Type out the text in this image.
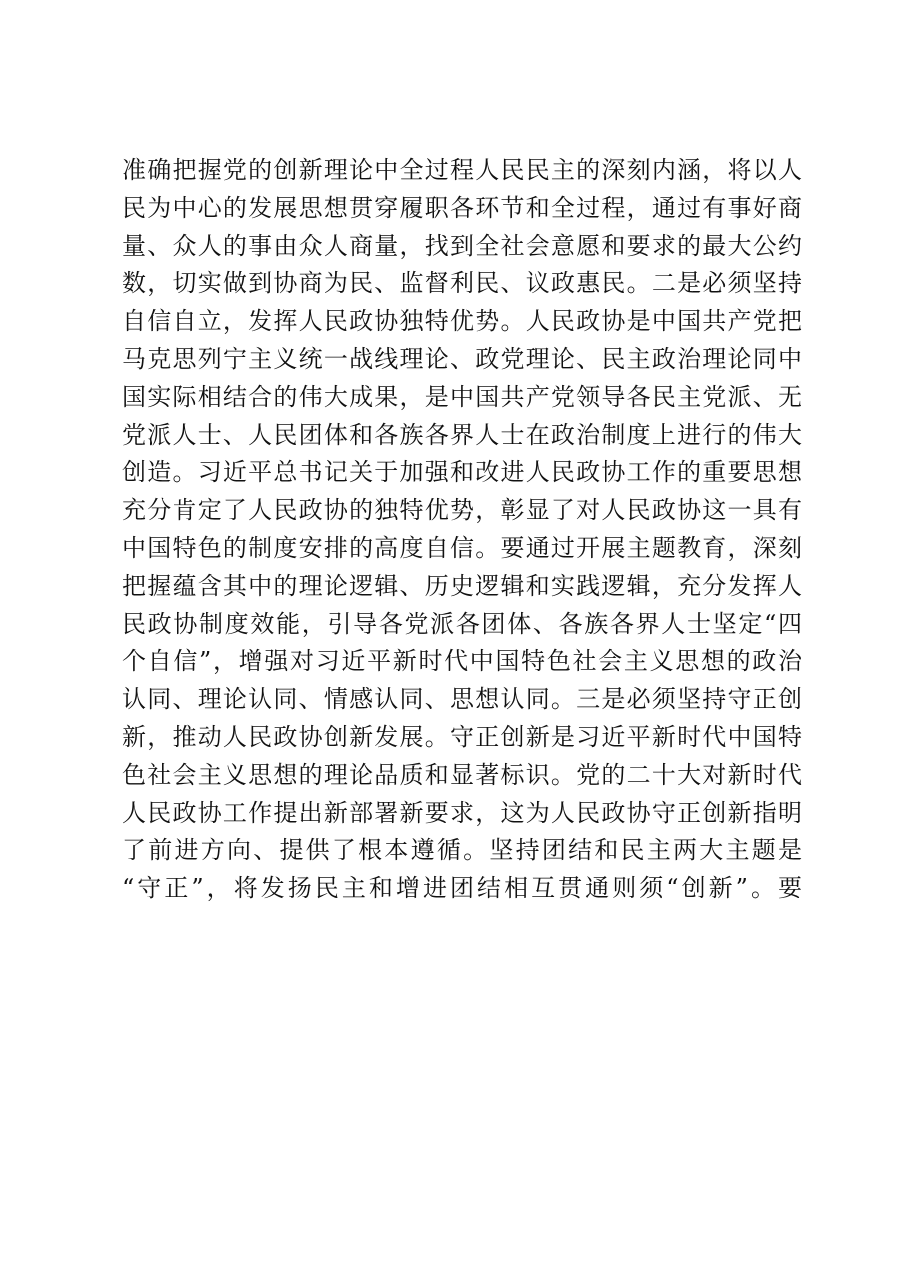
准确把握党的创新理论中全过程人民民主的深刻内涵，将以人
民为中心的发展思想贯穿履职各环节和全过程，通过有事好商
量、众人的事由众人商量，找到全社会意愿和要求的最大公约
数，切实做到协商为民、监督利民、议政惠民。二是必须坚持
自信自立，发挥人民政协独特优势。人民政协是中国共产党把
马克思列宁主义统一战线理论、政党理论、民主政治理论同中
国实际相结合的伟大成果，是中国共产党领导各民主党派、无
党派人士、人民团体和各族各界人士在政治制度上进行的伟大
创造。习近平总书记关于加强和改进人民政协工作的重要思想
充分肯定了人民政协的独特优势，彰显了对人民政协这一具有
中国特色的制度安排的高度自信。要通过开展主题教育，深刻
把握蕴含其中的理论逻辑、历史逻辑和实践逻辑，充分发挥人
民政协制度效能，引导各党派各团体、各族各界人士坚定“四
个自信”，增强对习近平新时代中国特色社会主义思想的政治
认同、理论认同、情感认同、思想认同。三是必须坚持守正创
新，推动人民政协创新发展。守正创新是习近平新时代中国特
色社会主义思想的理论品质和显著标识。党的二十大对新时代
人民政协工作提出新部署新要求，这为人民政协守正创新指明
了前进方向、提供了根本遵循。坚持团结和民主两大主题是
“守正”，将发扬民主和增进团结相互贯通则须“创新”。要
